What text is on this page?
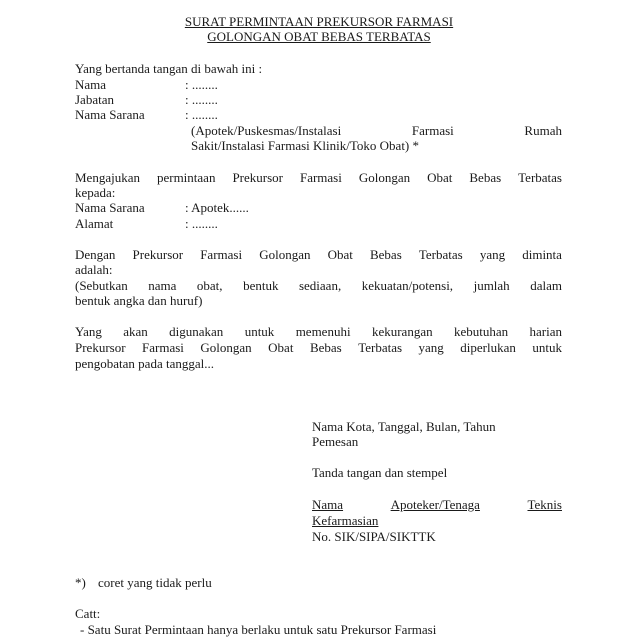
SURAT PERMINTAAN PREKURSOR FARMASI
GOLONGAN OBAT BEBAS TERBATAS
Yang bertanda tangan di bawah ini :
Nama	: ........
Jabatan	: ........
Nama Sarana	: ........
(Apotek/Puskesmas/Instalasi	Farmasi	Rumah
Sakit/Instalasi Farmasi Klinik/Toko Obat) *
Mengajukan permintaan Prekursor Farmasi Golongan Obat Bebas Terbatas
kepada:
Nama Sarana	: Apotek......
Alamat	: ........
Dengan Prekursor Farmasi Golongan Obat Bebas Terbatas yang diminta
adalah:
(Sebutkan nama obat, bentuk sediaan, kekuatan/potensi, jumlah dalam
bentuk angka dan huruf)
Yang akan digunakan untuk memenuhi kekurangan kebutuhan harian
Prekursor Farmasi Golongan Obat Bebas Terbatas yang diperlukan untuk
pengobatan pada tanggal...
Nama Kota, Tanggal, Bulan, Tahun
Pemesan
Tanda tangan dan stempel
Nama	Apoteker/Tenaga	Teknis
Kefarmasian
No. SIK/SIPA/SIKTTK
*) coret yang tidak perlu
Catt:
- Satu Surat Permintaan hanya berlaku untuk satu Prekursor Farmasi
